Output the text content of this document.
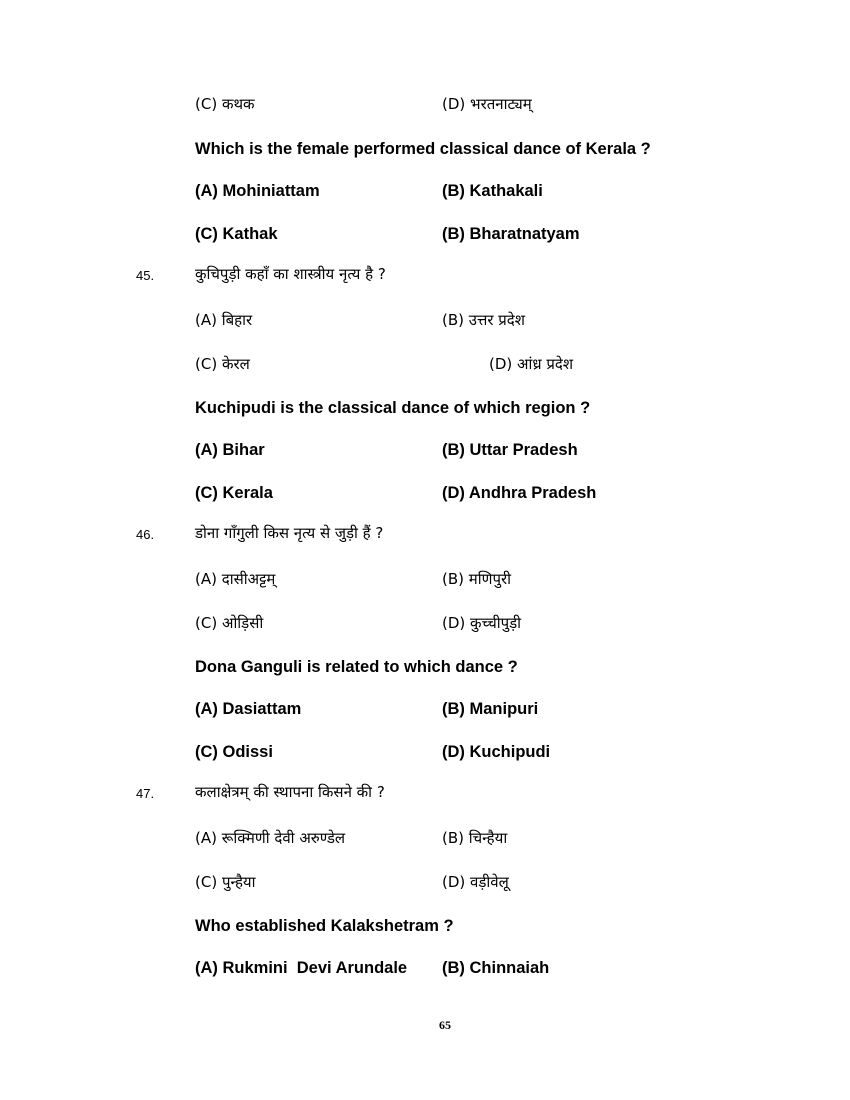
(C) कथक	(D) भरतनाट्यम्
Which is the female performed classical dance of Kerala ?
(A) Mohiniattam	(B) Kathakali
(C) Kathak	(B) Bharatnatyam
45.	कुचिपुड़ी कहाँ का शास्त्रीय नृत्य है ?
(A) बिहार	(B) उत्तर प्रदेश
(C) केरल	(D) आंध्र प्रदेश
Kuchipudi is the classical dance of which region ?
(A) Bihar	(B) Uttar Pradesh
(C) Kerala	(D) Andhra Pradesh
46.	डोना गाँगुली किस नृत्य से जुड़ी हैं ?
(A) दासीअट्टम्	(B) मणिपुरी
(C) ओड़िसी	(D) कुच्चीपुड़ी
Dona Ganguli is related to which dance ?
(A) Dasiattam	(B) Manipuri
(C) Odissi	(D) Kuchipudi
47.	कलाक्षेत्रम् की स्थापना किसने की ?
(A) रूक्मिणी देवी अरुण्डेल	(B) चिन्हैया
(C) पुन्हैया	(D) वड़ीवेलू
Who established Kalakshetram ?
(A) Rukmini  Devi Arundale (B) Chinnaiah
65
